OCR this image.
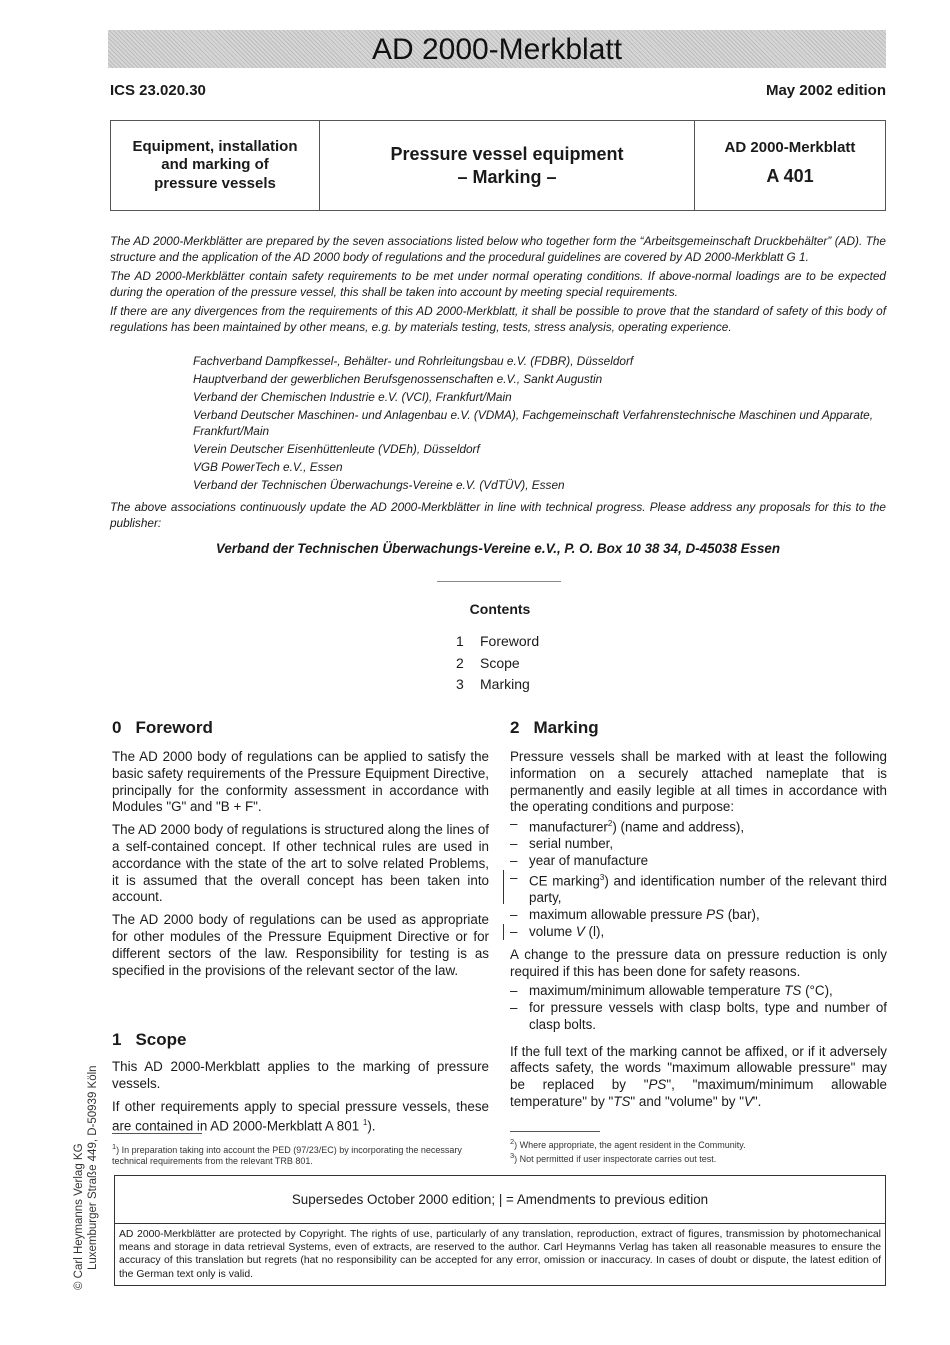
AD 2000-Merkblatt
ICS 23.020.30	May 2002 edition
Equipment, installation
and marking of
pressure vessels
Pressure vessel equipment
– Marking –
AD 2000-Merkblatt
A 401

The AD 2000-Merkblätter are prepared by the seven associations listed below who together form the “Arbeitsgemeinschaft Druckbehälter” (AD). The structure and the application of the AD 2000 body of regulations and the procedural guidelines are covered by AD 2000-Merkblatt G 1.

The AD 2000-Merkblätter contain safety requirements to be met under normal operating conditions. If above-normal loadings are to be expected during the operation of the pressure vessel, this shall be taken into account by meeting special requirements.

If there are any divergences from the requirements of this AD 2000-Merkblatt, it shall be possible to prove that the standard of safety of this body of regulations has been maintained by other means, e.g. by materials testing, tests, stress analysis, operating experience.

Fachverband Dampfkessel-, Behälter- und Rohrleitungsbau e.V. (FDBR), Düsseldorf
Hauptverband der gewerblichen Berufsgenossenschaften e.V., Sankt Augustin
Verband der Chemischen Industrie e.V. (VCI), Frankfurt/Main
Verband Deutscher Maschinen- und Anlagenbau e.V. (VDMA), Fachgemeinschaft Verfahrenstechnische Maschinen und Apparate, Frankfurt/Main
Verein Deutscher Eisenhüttenleute (VDEh), Düsseldorf
VGB PowerTech e.V., Essen
Verband der Technischen Überwachungs-Vereine e.V. (VdTÜV), Essen

The above associations continuously update the AD 2000-Merkblätter in line with technical progress. Please address any proposals for this to the publisher:

Verband der Technischen Überwachungs-Vereine e.V., P. O. Box 10 38 34, D-45038 Essen
Contents
1 Foreword
2 Scope
3 Marking
0 Foreword

The AD 2000 body of regulations can be applied to satisfy the basic safety requirements of the Pressure Equipment Directive, principally for the conformity assessment in accordance with Modules "G" and "B + F".

The AD 2000 body of regulations is structured along the lines of a self-contained concept. If other technical rules are used in accordance with the state of the art to solve related Problems, it is assumed that the overall concept has been taken into account.

The AD 2000 body of regulations can be used as appropriate for other modules of the Pressure Equipment Directive or for different sectors of the law. Responsibility for testing is as specified in the provisions of the relevant sector of the law.

1 Scope

This AD 2000-Merkblatt applies to the marking of pressure vessels.

If other requirements apply to special pressure vessels, these are contained in AD 2000-Merkblatt A 801 $^1$).

2 Marking

Pressure vessels shall be marked with at least the following information on a securely attached nameplate that is permanently and easily legible at all times in accordance with the operating conditions and purpose:

– manufacturer$^2$) (name and address),
– serial number,
– year of manufacture
– CE marking$^3$) and identification number of the relevant third party,
– maximum allowable pressure PS (bar),
– volume V (l),

A change to the pressure data on pressure reduction is only required if this has been done for safety reasons.

– maximum/minimum allowable temperature TS (°C),
– for pressure vessels with clasp bolts, type and number of clasp bolts.

If the full text of the marking cannot be affixed, or if it adversely affects safety, the words "maximum allowable pressure" may be replaced by "PS", "maximum/minimum allowable temperature" by "TS" and "volume" by "V".

$^1$) In preparation taking into account the PED (97/23/EC) by incorporating the necessary technical requirements from the relevant TRB 801.
$^2$) Where appropriate, the agent resident in the Community.
$^3$) Not permitted if user inspectorate carries out test.
Supersedes October 2000 edition; | = Amendments to previous edition
AD 2000-Merkblätter are protected by Copyright. The rights of use, particularly of any translation, reproduction, extract of figures, transmission by photomechanical means and storage in data retrieval Systems, even of extracts, are reserved to the author. Carl Heymanns Verlag has taken all reasonable measures to ensure the accuracy of this translation but regrets (hat no responsibility can be accepted for any error, omission or inaccuracy. In cases of doubt or dispute, the latest edition of the German text only is valid.
© Carl Heymanns Verlag KG Luxemburger Straße 449, D-50939 Köln
